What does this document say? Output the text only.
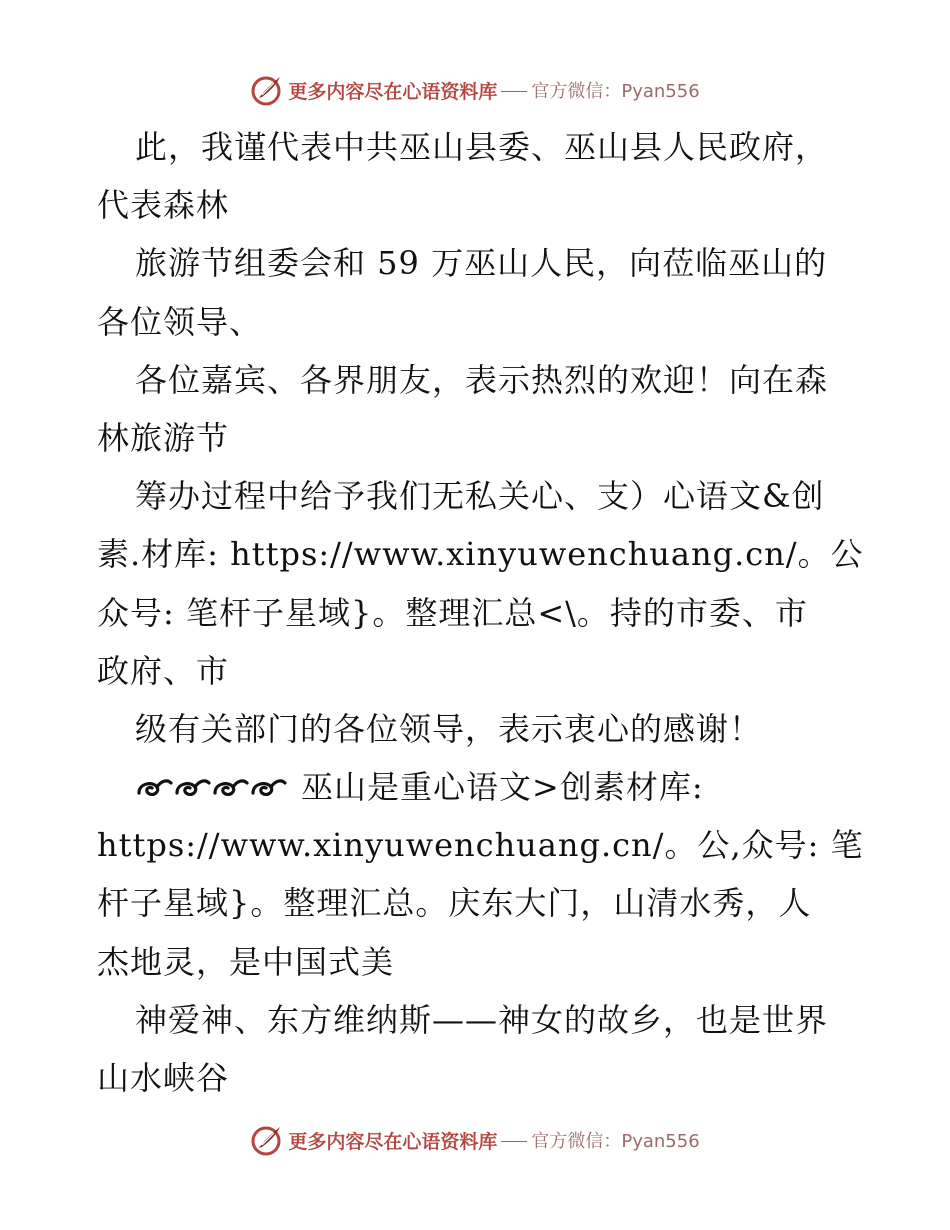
更多内容尽在心语资料库 官方微信：Pyan556
此，我谨代表中共巫山县委、巫山县人民政府，
代表森林
旅游节组委会和 59 万巫山人民，向莅临巫山的
各位领导、
各位嘉宾、各界朋友，表示热烈的欢迎！向在森
林旅游节
筹办过程中给予我们无私关心、支）心语文&创
素.材库: https://www.xinyuwenchuang.cn/。公
众号: 笔杆子星域}。整理汇总<\。持的市委、市
政府、市
级有关部门的各位领导，表示衷心的感谢！
巫山是重心语文>创素材库:
https://www.xinyuwenchuang.cn/。公,众号: 笔
杆子星域}。整理汇总。庆东大门，山清水秀，人
杰地灵，是中国式美
神爱神、东方维纳斯——神女的故乡，也是世界
山水峡谷
更多内容尽在心语资料库 官方微信：Pyan556
